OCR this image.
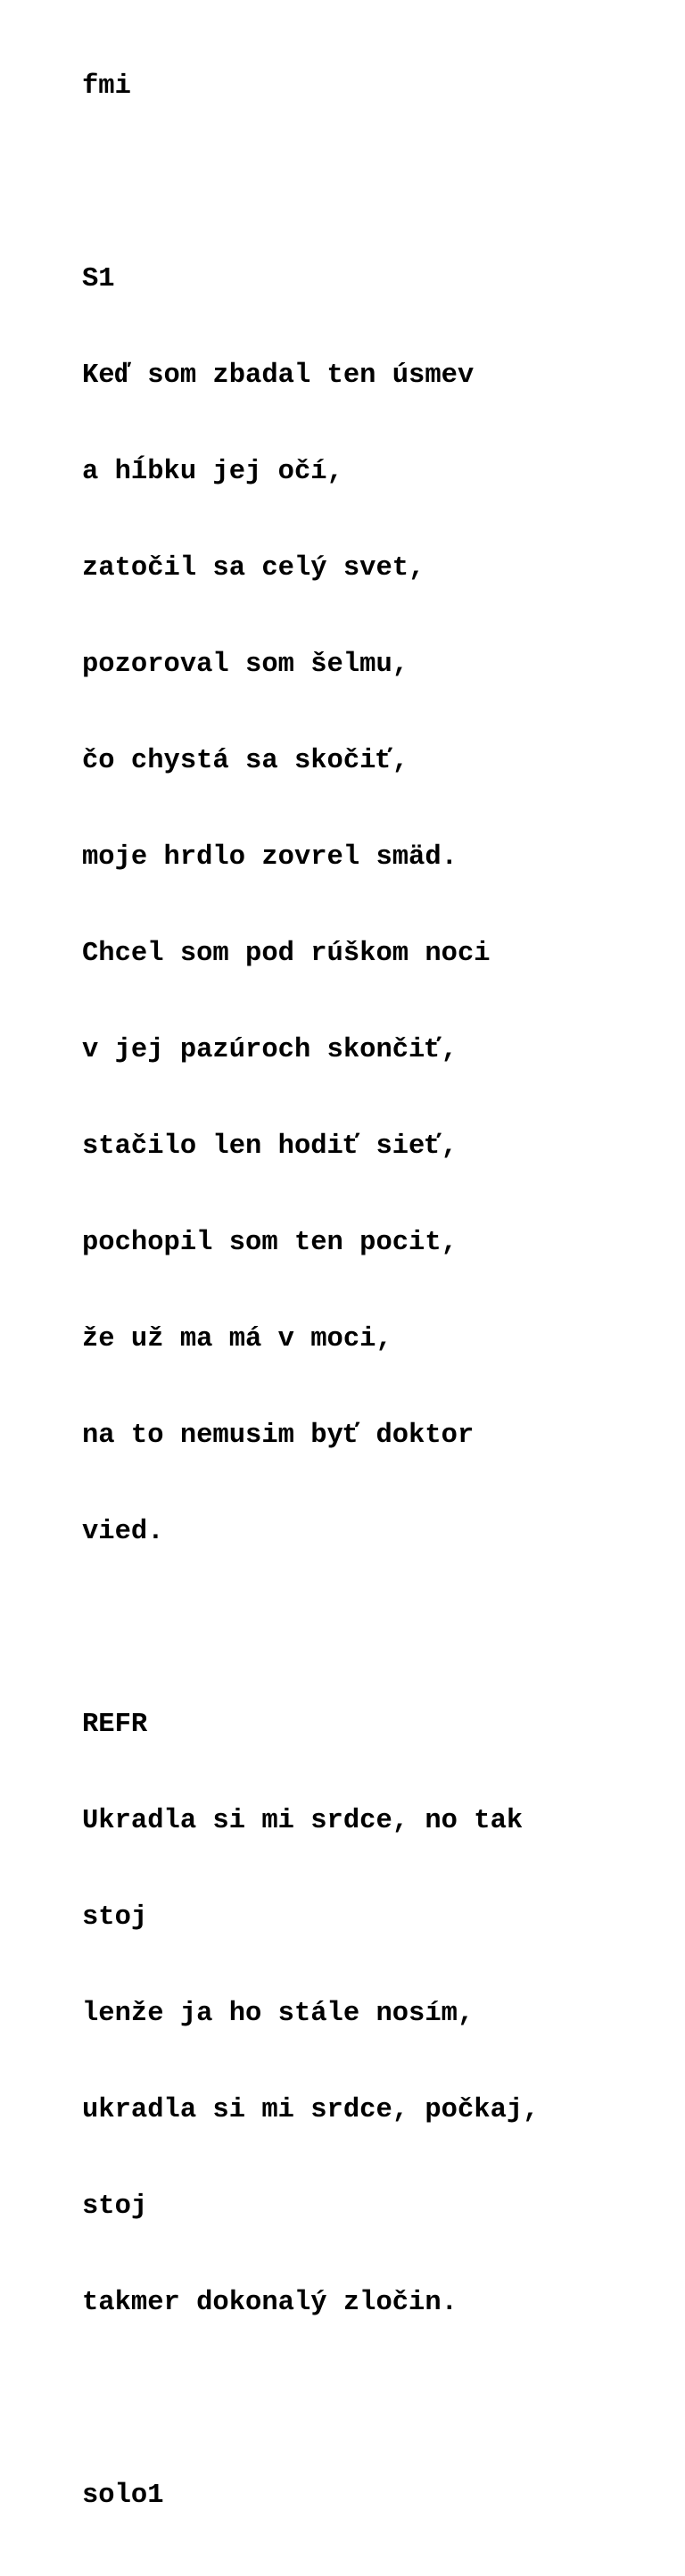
fmi

S1

Keď som zbadal ten úsmev

a hĺbku jej očí,

zatočil sa celý svet,

pozoroval som šelmu,

čo chystá sa skočiť,

moje hrdlo zovrel smäd.

Chcel som pod rúškom noci

v jej pazúroch skončiť,

stačilo len hodiť sieť,

pochopil som ten pocit,

že už ma má v moci,

na to nemusim byť doktor

vied.

REFR

Ukradla si mi srdce, no tak

stoj

lenže ja ho stále nosím,

ukradla si mi srdce, počkaj,

stoj

takmer dokonalý zločin.

solo1
